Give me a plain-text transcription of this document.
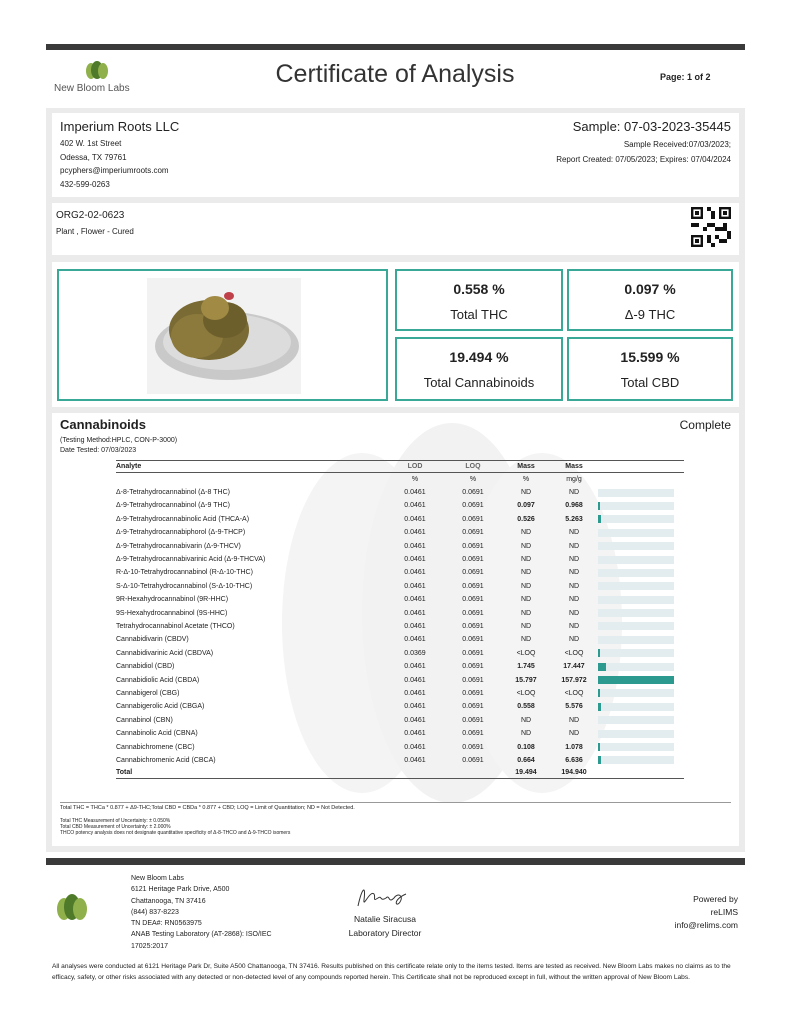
New Bloom Labs
Certificate of Analysis	Page: 1 of 2
Imperium Roots LLC
402 W. 1st Street
Odessa, TX 79761
pcyphers@imperiumroots.com
432-599-0263
Sample: 07-03-2023-35445
Sample Received:07/03/2023;
Report Created: 07/05/2023; Expires: 07/04/2024
ORG2-02-0623
Plant , Flower - Cured
0.558 %
Total THC
0.097 %
Δ-9 THC
19.494 %
Total Cannabinoids
15.599 %
Total CBD
Cannabinoids	Complete
(Testing Method:HPLC, CON-P-3000)
Date Tested: 07/03/2023
Total THC = THCa * 0.877 + Δ9-THC;Total CBD = CBDa * 0.877 + CBD; LOQ = Limit of Quantitation; ND = Not Detected.
Total THC Measurement of Uncertainty: ± 0.050%
Total CBD Measurement of Uncertainty: ± 2.000%
THCO potency analysis does not designate quantitative specificity of Δ-8-THCO and Δ-9-THCO isomers
Analyte	LOD	LOQ	Mass	Mass	
	%	%	%	mg/g	
Δ-8-Tetrahydrocannabinol (Δ-8 THC)	0.0461	0.0691	ND	ND	

Δ-9-Tetrahydrocannabinol (Δ-9 THC)	0.0461	0.0691	0.097	0.968	

Δ-9-Tetrahydrocannabinolic Acid (THCA-A)	0.0461	0.0691	0.526	5.263	

Δ-9-Tetrahydrocannabiphorol (Δ-9-THCP)	0.0461	0.0691	ND	ND	

Δ-9-Tetrahydrocannabivarin (Δ-9-THCV)	0.0461	0.0691	ND	ND	

Δ-9-Tetrahydrocannabivarinic Acid (Δ-9-THCVA)	0.0461	0.0691	ND	ND	

R-Δ-10-Tetrahydrocannabinol (R-Δ-10-THC)	0.0461	0.0691	ND	ND	

S-Δ-10-Tetrahydrocannabinol (S-Δ-10-THC)	0.0461	0.0691	ND	ND	

9R-Hexahydrocannabinol (9R-HHC)	0.0461	0.0691	ND	ND	

9S-Hexahydrocannabinol (9S-HHC)	0.0461	0.0691	ND	ND	

Tetrahydrocannabinol Acetate (THCO)	0.0461	0.0691	ND	ND	

Cannabidivarin (CBDV)	0.0461	0.0691	ND	ND	

Cannabidivarinic Acid (CBDVA)	0.0369	0.0691	<LOQ	<LOQ	

Cannabidiol (CBD)	0.0461	0.0691	1.745	17.447	

Cannabidiolic Acid (CBDA)	0.0461	0.0691	15.797	157.972	

Cannabigerol (CBG)	0.0461	0.0691	<LOQ	<LOQ	

Cannabigerolic Acid (CBGA)	0.0461	0.0691	0.558	5.576	

Cannabinol (CBN)	0.0461	0.0691	ND	ND	

Cannabinolic Acid (CBNA)	0.0461	0.0691	ND	ND	

Cannabichromene (CBC)	0.0461	0.0691	0.108	1.078	

Cannabichromenic Acid (CBCA)	0.0461	0.0691	0.664	6.636	

Total			19.494	194.940	
New Bloom Labs
6121 Heritage Park Drive, A500
Chattanooga, TN 37416
(844) 837-8223
TN DEA#: RN0563975
ANAB Testing Laboratory (AT-2868): ISO/IEC
17025:2017
Natalie Siracusa
Laboratory Director
Powered by
reLIMS
info@relims.com
All analyses were conducted at 6121 Heritage Park Dr, Suite A500 Chattanooga, TN 37416. Results published on this certificate relate only to the items tested. Items are tested as received. New Bloom Labs makes no claims as to the efficacy, safety, or other risks associated with any detected or non-detected level of any compounds reported herein. This Certificate shall not be reproduced except in full, without the written approval of New Bloom Labs.
